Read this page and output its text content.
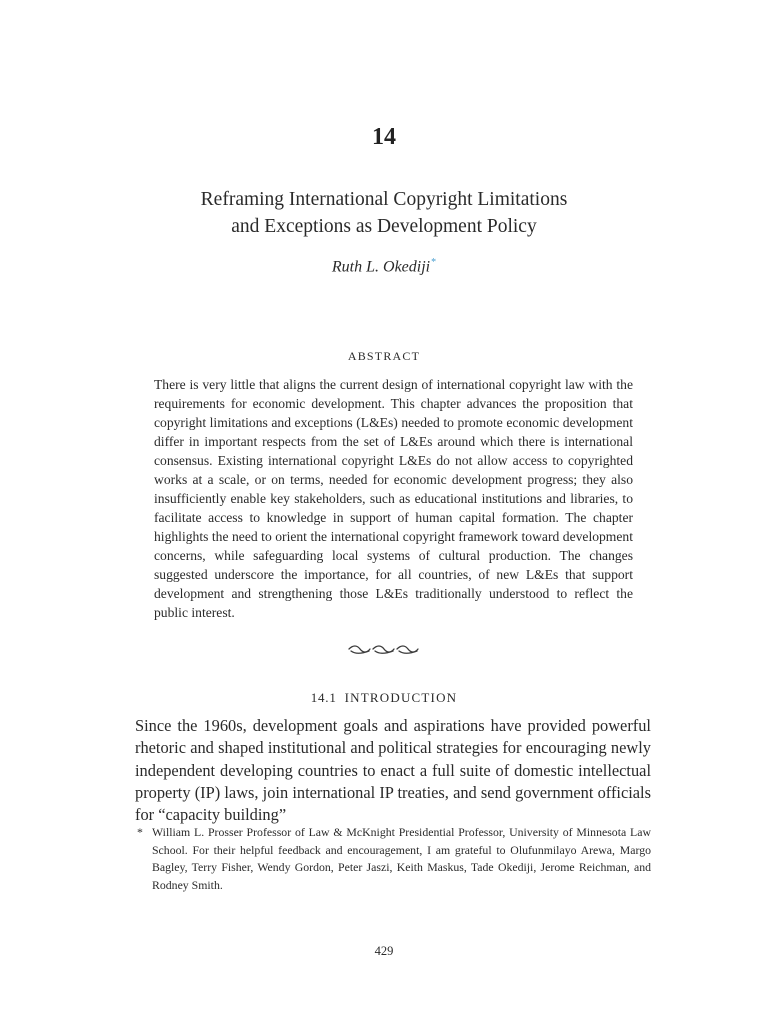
14
Reframing International Copyright Limitations
and Exceptions as Development Policy
Ruth L. Okediji*
ABSTRACT

There is very little that aligns the current design of international copyright law with the requirements for economic development. This chapter advances the proposition that copyright limitations and exceptions (L&Es) needed to promote economic development differ in important respects from the set of L&Es around which there is international consensus. Existing international copyright L&Es do not allow access to copyrighted works at a scale, or on terms, needed for economic development progress; they also insufficiently enable key stakeholders, such as educational institutions and libraries, to facilitate access to knowledge in support of human capital formation. The chapter highlights the need to orient the international copyright framework toward development concerns, while safeguarding local systems of cultural production. The changes suggested underscore the importance, for all countries, of new L&Es that support development and strengthening those L&Es traditionally understood to reflect the public interest.

14.1 INTRODUCTION

Since the 1960s, development goals and aspirations have provided powerful rhetoric and shaped institutional and political strategies for encouraging newly independent developing countries to enact a full suite of domestic intellectual property (IP) laws, join international IP treaties, and send government officials for “capacity building”

* William L. Prosser Professor of Law & McKnight Presidential Professor, University of Minnesota Law School. For their helpful feedback and encouragement, I am grateful to Olufunmilayo Arewa, Margo Bagley, Terry Fisher, Wendy Gordon, Peter Jaszi, Keith Maskus, Tade Okediji, Jerome Reichman, and Rodney Smith.
429
